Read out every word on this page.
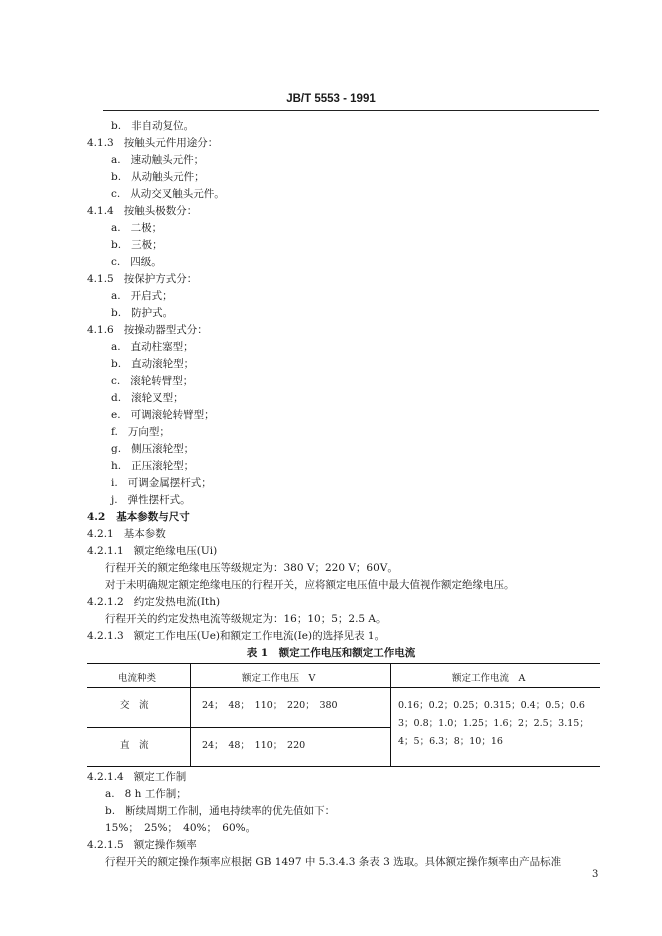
JB/T 5553 - 1991
b. 非自动复位。
4.1.3 按触头元件用途分：
a. 速动触头元件；
b. 从动触头元件；
c. 从动交叉触头元件。
4.1.4 按触头极数分：
a. 二极；
b. 三极；
c. 四级。
4.1.5 按保护方式分：
a. 开启式；
b. 防护式。
4.1.6 按操动器型式分：
a. 直动柱塞型；
b. 直动滚轮型；
c. 滚轮转臂型；
d. 滚轮叉型；
e. 可调滚轮转臂型；
f. 万向型；
g. 侧压滚轮型；
h. 正压滚轮型；
i. 可调金属摆杆式；
j. 弹性摆杆式。
4.2 基本参数与尺寸
4.2.1 基本参数
4.2.1.1 额定绝缘电压(Ui)
行程开关的额定绝缘电压等级规定为：380 V；220 V；60V。
对于未明确规定额定绝缘电压的行程开关，应将额定电压值中最大值视作额定绝缘电压。
4.2.1.2 约定发热电流(Ith)
行程开关的约定发热电流等级规定为：16；10；5；2.5 A。
4.2.1.3 额定工作电压(Ue)和额定工作电流(Ie)的选择见表 1。
表 1　额定工作电压和额定工作电流
电流种类	额定工作电压　V	额定工作电流　A
交　流	24；　48；　110；　220；　380
直　流	24；　48；　110；　220
0.16；0.2；0.25；0.315；0.4；0.5；0.63；0.8；1.0；1.25；1.6；2；2.5；3.15；4；5；6.3；8；10；16
4.2.1.4 额定工作制
a. 8 h 工作制；
b. 断续周期工作制，通电持续率的优先值如下：
15%；　25%；　40%；　60%。
4.2.1.5 额定操作频率
行程开关的额定操作频率应根据 GB 1497 中 5.3.4.3 条表 3 选取。具体额定操作频率由产品标准
3
